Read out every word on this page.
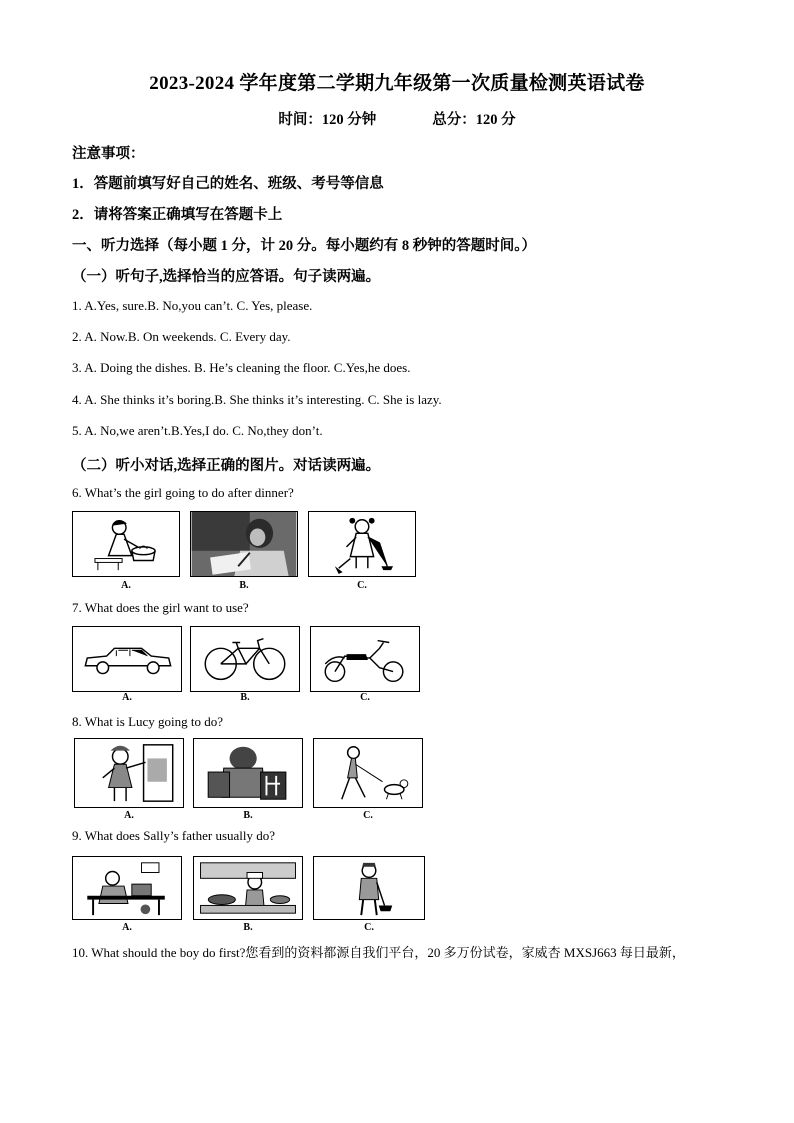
2023-2024 学年度第二学期九年级第一次质量检测英语试卷
时间：120 分钟	总分：120 分
注意事项：
1．答题前填写好自己的姓名、班级、考号等信息
2．请将答案正确填写在答题卡上
一、听力选择（每小题 1 分，计 20 分。每小题约有 8 秒钟的答题时间。）
（一）听句子,选择恰当的应答语。句子读两遍。
1. A.Yes, sure.B. No,you can’t. C. Yes, please.
2. A. Now.B. On weekends. C. Every day.
3. A. Doing the dishes. B. He’s cleaning the floor. C.Yes,he does.
4. A. She thinks it’s boring.B. She thinks it’s interesting. C. She is lazy.
5. A. No,we aren’t.B.Yes,I do. C. No,they don’t.
（二）听小对话,选择正确的图片。对话读两遍。
6. What’s the girl going to do after dinner?
A.	B.	C.
7. What does the girl want to use?
A.	B.	C.
8. What is Lucy going to do?
A.	B.	C.
9. What does Sally’s father usually do?
A.	B.	C.
10. What should the boy do first?您看到的资料都源自我们平台，20 多万份试卷，家威杏 MXSJ663 每日最新，
